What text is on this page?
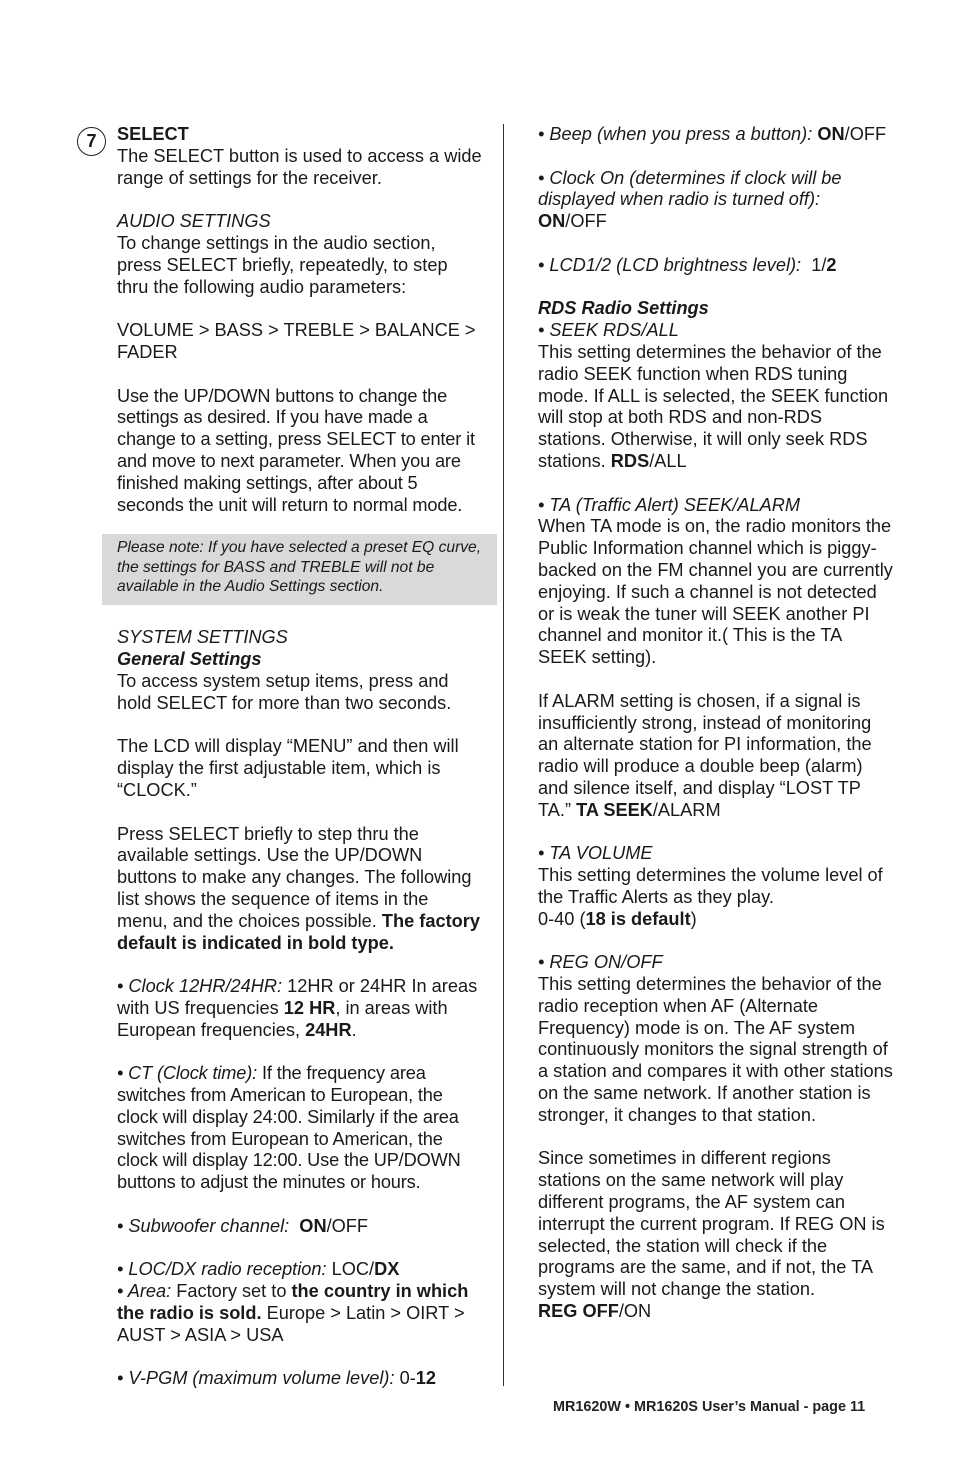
7	SELECT
The SELECT button is used to access a wide range of settings for the receiver.

AUDIO SETTINGS
To change settings in the audio section, press SELECT briefly, repeatedly, to step thru the following audio parameters:

VOLUME > BASS > TREBLE > BALANCE > FADER

Use the UP/DOWN buttons to change the settings as desired. If you have made a change to a setting, press SELECT to enter it and move to next parameter. When you are finished making settings, after about 5 seconds the unit will return to normal mode.

Please note: If you have selected a preset EQ curve, the settings for BASS and TREBLE will not be available in the Audio Settings section.

SYSTEM SETTINGS
General Settings
To access system setup items, press and hold SELECT for more than two seconds.

The LCD will display “MENU” and then will display the first adjustable item, which is “CLOCK.”

Press SELECT briefly to step thru the available settings. Use the UP/DOWN buttons to make any changes. The following list shows the sequence of items in the menu, and the choices possible. The factory default is indicated in bold type.

• Clock 12HR/24HR: 12HR or 24HR In areas with US frequencies 12 HR, in areas with European frequencies, 24HR.

• CT (Clock time): If the frequency area switches from American to European, the clock will display 24:00. Similarly if the area switches from European to American, the clock will display 12:00. Use the UP/DOWN buttons to adjust the minutes or hours.

• Subwoofer channel: ON/OFF

• LOC/DX radio reception: LOC/DX

• Area: Factory set to the country in which the radio is sold. Europe > Latin > OIRT > AUST > ASIA > USA

• V-PGM (maximum volume level): 0-12

• Beep (when you press a button): ON/OFF

• Clock On (determines if clock will be displayed when radio is turned off):
ON/OFF

• LCD1/2 (LCD brightness level):  1/2

RDS Radio Settings
• SEEK RDS/ALL
This setting determines the behavior of the radio SEEK function when RDS tuning mode. If ALL is selected, the SEEK function will stop at both RDS and non-RDS stations. Otherwise, it will only seek RDS stations. RDS/ALL

• TA (Traffic Alert) SEEK/ALARM
When TA mode is on, the radio monitors the Public Information channel which is piggy-backed on the FM channel you are currently enjoying. If such a channel is not detected or is weak the tuner will SEEK another PI channel and monitor it.( This is the TA SEEK setting).

If ALARM setting is chosen, if a signal is insufficiently strong, instead of monitoring an alternate station for PI information, the radio will produce a double beep (alarm) and silence itself, and display “LOST TP TA.” TA SEEK/ALARM

• TA VOLUME
This setting determines the volume level of the Traffic Alerts as they play.
0-40 (18 is default)

• REG ON/OFF
This setting determines the behavior of the radio reception when AF (Alternate Frequency) mode is on. The AF system continuously monitors the signal strength of a station and compares it with other stations on the same network. If another station is stronger, it changes to that station.

Since sometimes in different regions stations on the same network will play different programs, the AF system can interrupt the current program. If REG ON is selected, the station will check if the programs are the same, and if not, the TA system will not change the station.
REG OFF/ON

MR1620W • MR1620S User’s Manual - page 11
